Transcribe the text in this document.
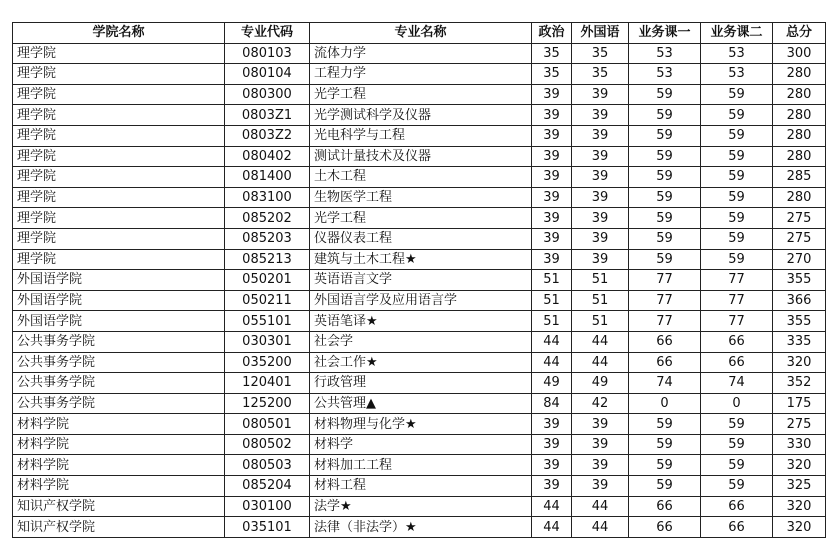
学院名称	专业代码	专业名称	政治	外国语	业务课一	业务课二	总分
理学院	080103	流体力学	35	35	53	53	300
理学院	080104	工程力学	35	35	53	53	280
理学院	080300	光学工程	39	39	59	59	280
理学院	0803Z1	光学测试科学及仪器	39	39	59	59	280
理学院	0803Z2	光电科学与工程	39	39	59	59	280
理学院	080402	测试计量技术及仪器	39	39	59	59	280
理学院	081400	土木工程	39	39	59	59	285
理学院	083100	生物医学工程	39	39	59	59	280
理学院	085202	光学工程	39	39	59	59	275
理学院	085203	仪器仪表工程	39	39	59	59	275
理学院	085213	建筑与土木工程★	39	39	59	59	270
外国语学院	050201	英语语言文学	51	51	77	77	355
外国语学院	050211	外国语言学及应用语言学	51	51	77	77	366
外国语学院	055101	英语笔译★	51	51	77	77	355
公共事务学院	030301	社会学	44	44	66	66	335
公共事务学院	035200	社会工作★	44	44	66	66	320
公共事务学院	120401	行政管理	49	49	74	74	352
公共事务学院	125200	公共管理▲	84	42	0	0	175
材料学院	080501	材料物理与化学★	39	39	59	59	275
材料学院	080502	材料学	39	39	59	59	330
材料学院	080503	材料加工工程	39	39	59	59	320
材料学院	085204	材料工程	39	39	59	59	325
知识产权学院	030100	法学★	44	44	66	66	320
知识产权学院	035101	法律（非法学）★	44	44	66	66	320
